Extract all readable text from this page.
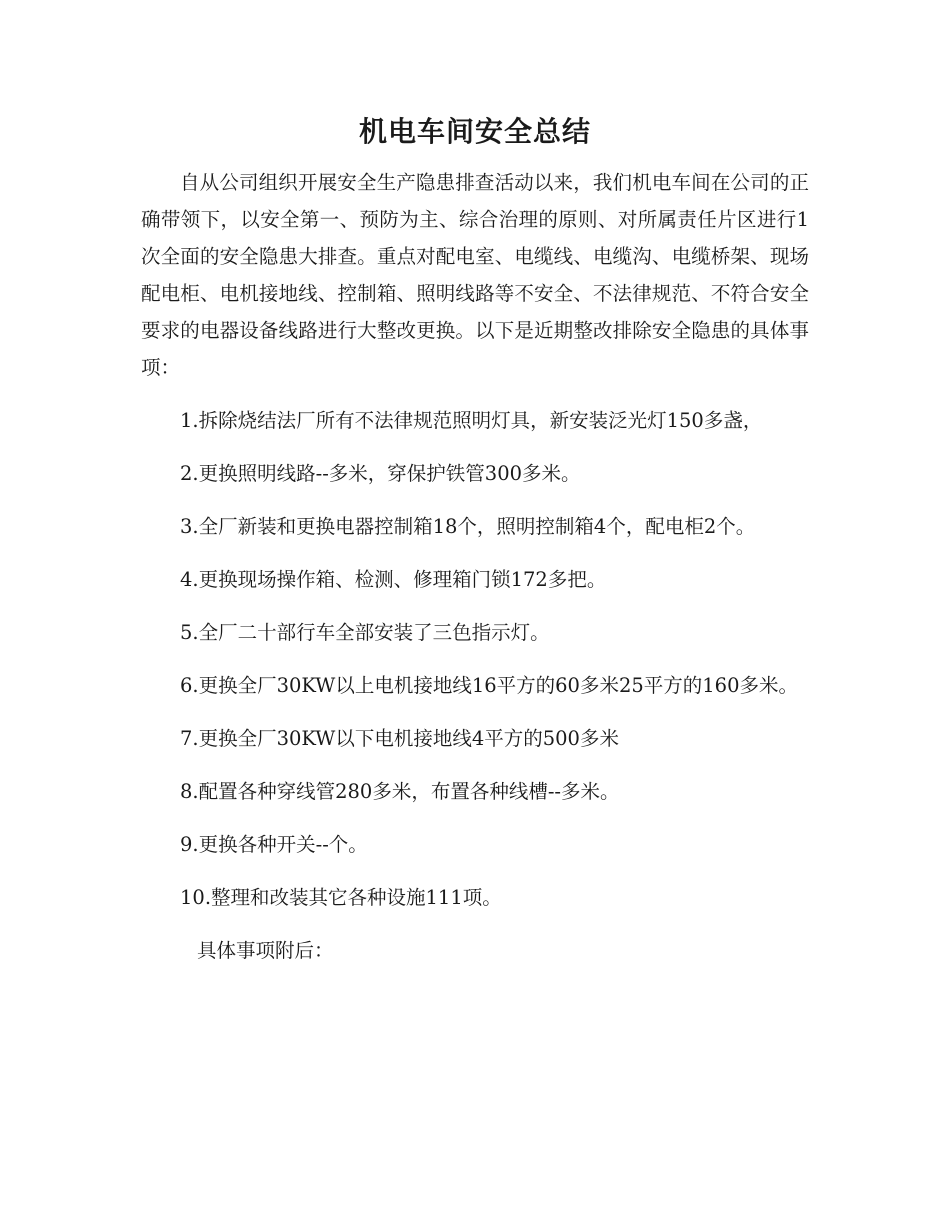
机电车间安全总结

自从公司组织开展安全生产隐患排查活动以来，我们机电车间在公司的正确带领下，以安全第一、预防为主、综合治理的原则、对所属责任片区进行1次全面的安全隐患大排查。重点对配电室、电缆线、电缆沟、电缆桥架、现场配电柜、电机接地线、控制箱、照明线路等不安全、不法律规范、不符合安全要求的电器设备线路进行大整改更换。以下是近期整改排除安全隐患的具体事项：

1.拆除烧结法厂所有不法律规范照明灯具，新安装泛光灯150多盏，

2.更换照明线路--多米，穿保护铁管300多米。

3.全厂新装和更换电器控制箱18个，照明控制箱4个，配电柜2个。

4.更换现场操作箱、检测、修理箱门锁172多把。

5.全厂二十部行车全部安装了三色指示灯。

6.更换全厂30KW以上电机接地线16平方的60多米25平方的160多米。

7.更换全厂30KW以下电机接地线4平方的500多米

8.配置各种穿线管280多米，布置各种线槽--多米。

9.更换各种开关--个。

10.整理和改装其它各种设施111项。

具体事项附后：
